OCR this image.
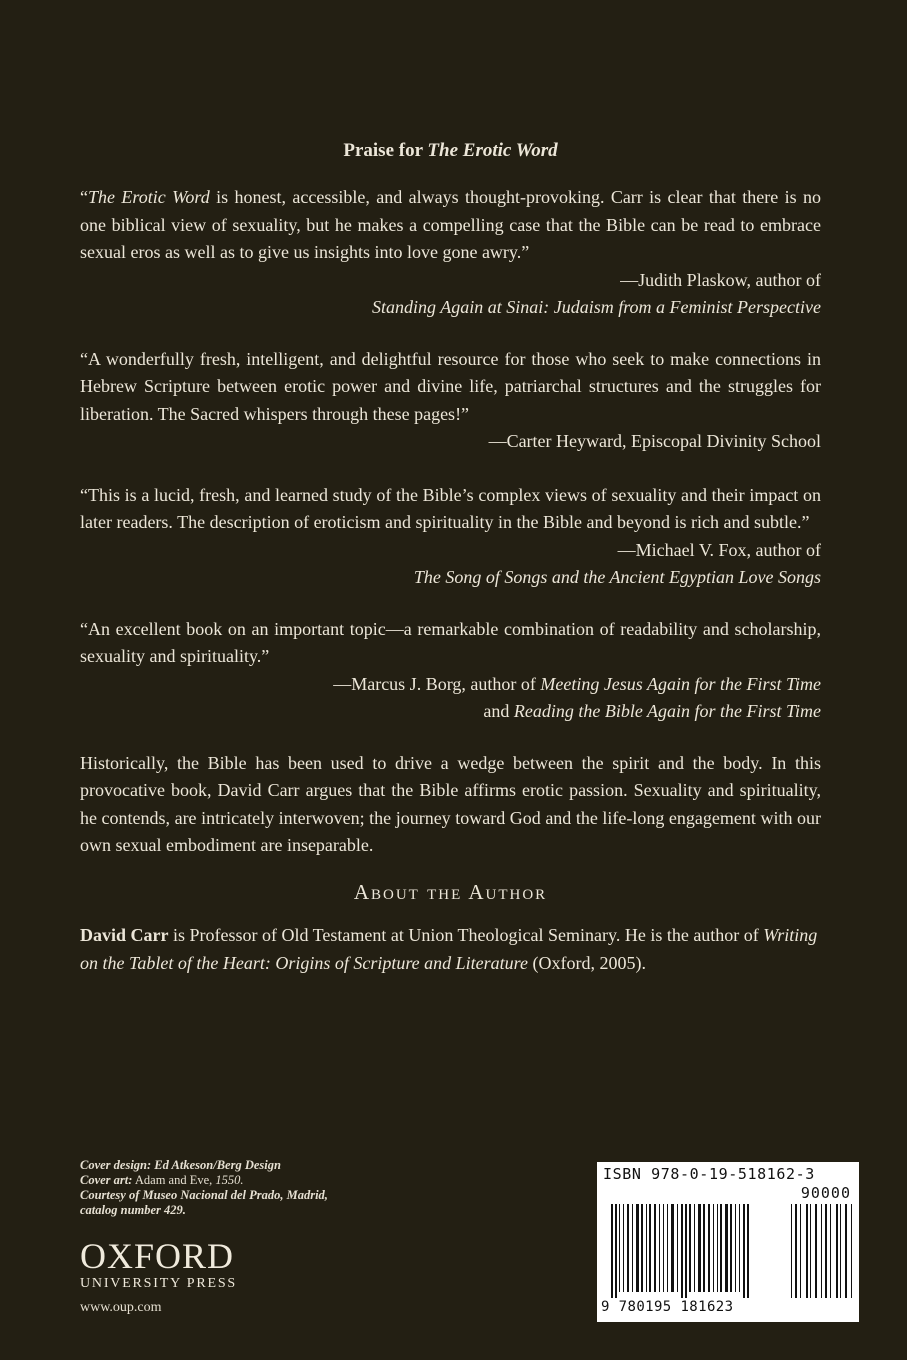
Praise for The Erotic Word

“The Erotic Word is honest, accessible, and always thought-provoking. Carr is clear that there is no one biblical view of sexuality, but he makes a compelling case that the Bible can be read to embrace sexual eros as well as to give us insights into love gone awry.”

—Judith Plaskow, author of

Standing Again at Sinai: Judaism from a Feminist Perspective

“A wonderfully fresh, intelligent, and delightful resource for those who seek to make connections in Hebrew Scripture between erotic power and divine life, patriarchal structures and the struggles for liberation. The Sacred whispers through these pages!”

—Carter Heyward, Episcopal Divinity School

“This is a lucid, fresh, and learned study of the Bible’s complex views of sexuality and their impact on later readers. The description of eroticism and spirituality in the Bible and beyond is rich and subtle.”

—Michael V. Fox, author of

The Song of Songs and the Ancient Egyptian Love Songs

“An excellent book on an important topic—a remarkable combination of readability and scholarship, sexuality and spirituality.”

—Marcus J. Borg, author of Meeting Jesus Again for the First Time

and Reading the Bible Again for the First Time

Historically, the Bible has been used to drive a wedge between the spirit and the body. In this provocative book, David Carr argues that the Bible affirms erotic passion. Sexuality and spirituality, he contends, are intricately interwoven; the journey toward God and the life-long engagement with our own sexual embodiment are inseparable.

About the Author

David Carr is Professor of Old Testament at Union Theological Seminary. He is the author of Writing on the Tablet of the Heart: Origins of Scripture and Literature (Oxford, 2005).

Cover design: Ed Atkeson/Berg Design
Cover art: Adam and Eve, 1550.
Courtesy of Museo Nacional del Prado, Madrid,
catalog number 429.
OXFORD
UNIVERSITY PRESS
www.oup.com
ISBN 978-0-19-518162-3
90000
9 780195 181623
